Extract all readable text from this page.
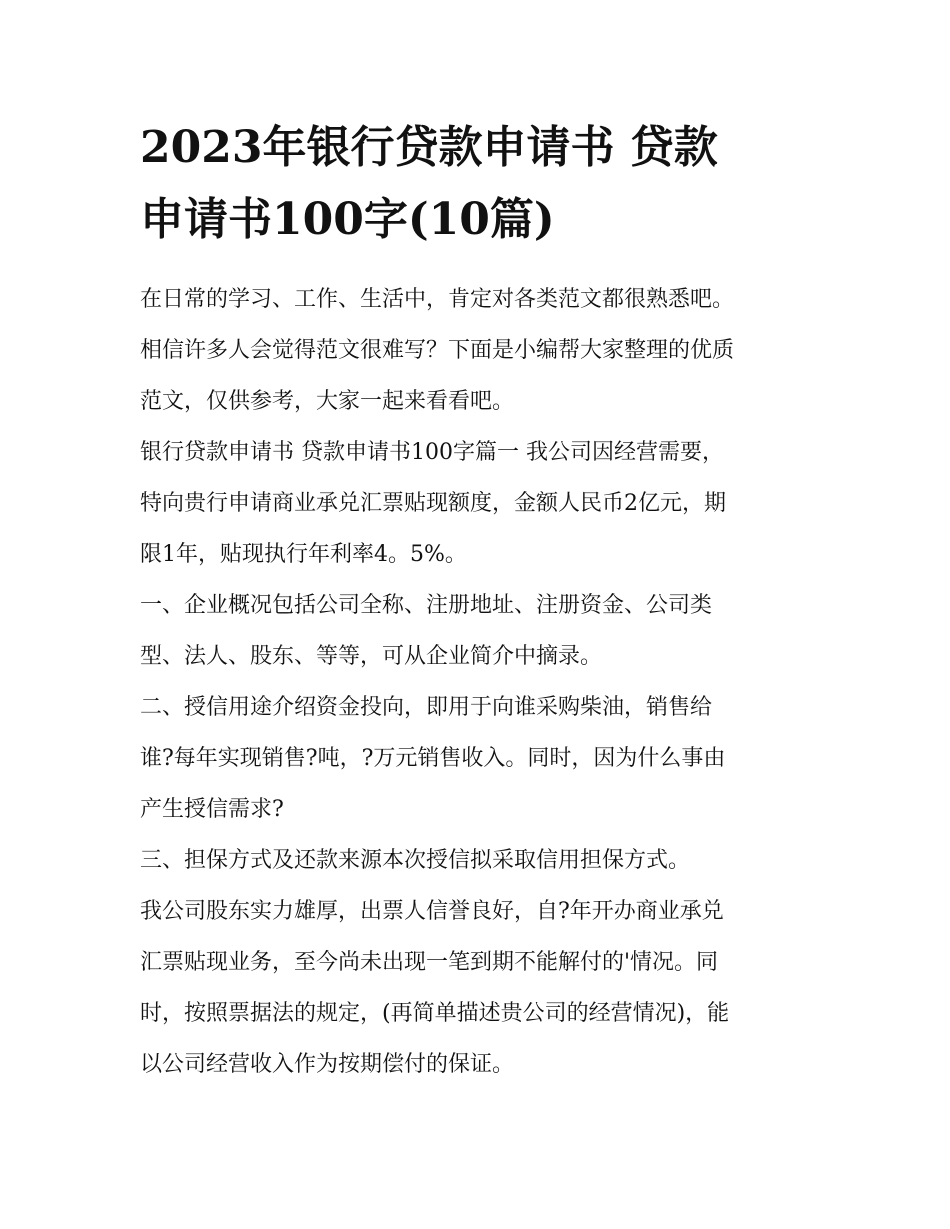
2023年银行贷款申请书 贷款
申请书100字(10篇)

在日常的学习、工作、生活中，肯定对各类范文都很熟悉吧。
相信许多人会觉得范文很难写？下面是小编帮大家整理的优质
范文，仅供参考，大家一起来看看吧。

银行贷款申请书 贷款申请书100字篇一 我公司因经营需要，
特向贵行申请商业承兑汇票贴现额度，金额人民币2亿元，期
限1年，贴现执行年利率4。5%。

一、企业概况包括公司全称、注册地址、注册资金、公司类
型、法人、股东、等等，可从企业简介中摘录。

二、授信用途介绍资金投向，即用于向谁采购柴油，销售给
谁?每年实现销售?吨，?万元销售收入。同时，因为什么事由
产生授信需求?

三、担保方式及还款来源本次授信拟采取信用担保方式。

我公司股东实力雄厚，出票人信誉良好，自?年开办商业承兑
汇票贴现业务，至今尚未出现一笔到期不能解付的'情况。同
时，按照票据法的规定，(再简单描述贵公司的经营情况)，能
以公司经营收入作为按期偿付的保证。
